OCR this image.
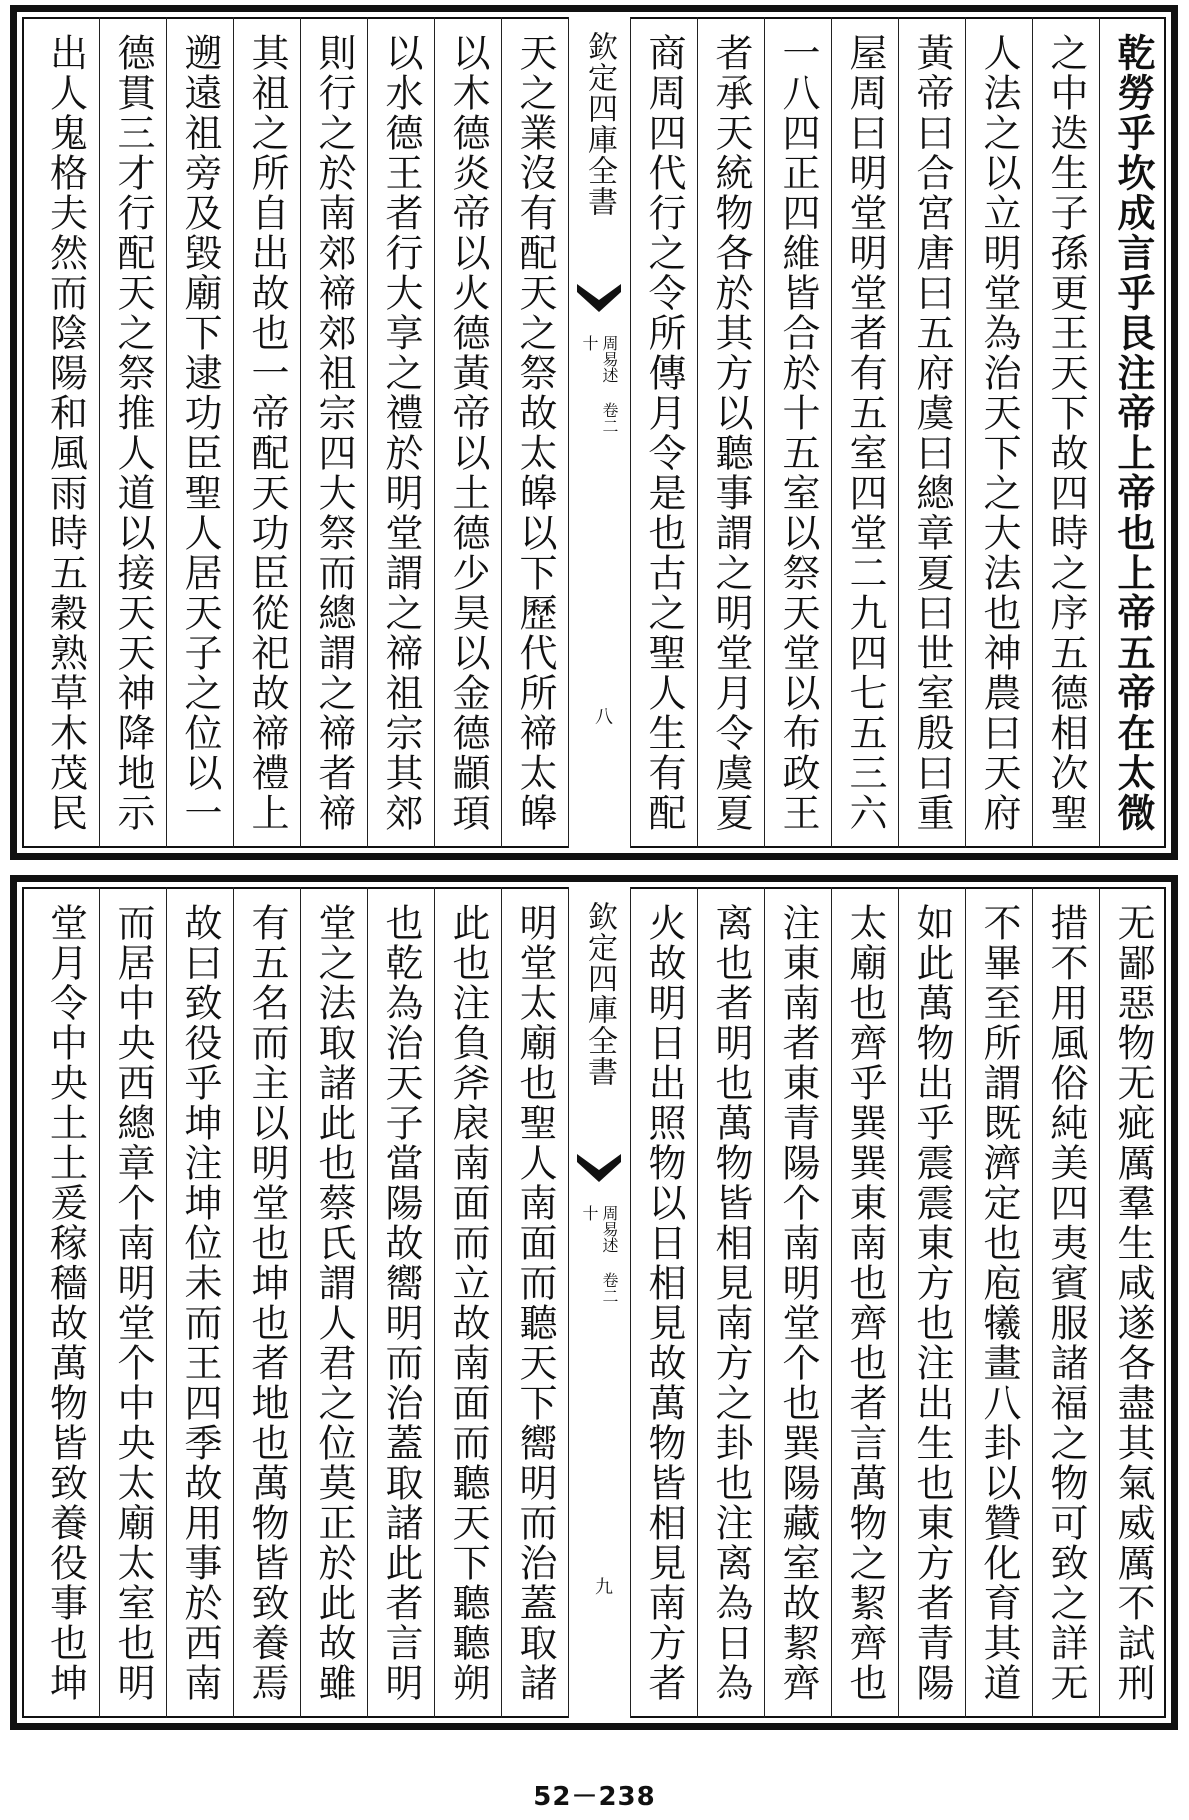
乾勞乎坎成言乎艮注帝上帝也上帝五帝在太微
之中迭生子孫更王天下故四時之序五德相次聖
人法之以立明堂為治天下之大法也神農曰天府
黃帝曰合宮唐曰五府虞曰總章夏曰世室殷曰重
屋周曰明堂明堂者有五室四堂二九四七五三六
一八四正四維皆合於十五室以祭天堂以布政王
者承天統物各於其方以聽事謂之明堂月令虞夏
商周四代行之令所傳月令是也古之聖人生有配
欽定四庫全書
周易述 卷二十
八
天之業沒有配天之祭故太皞以下歷代所禘太皞
以木德炎帝以火德黃帝以土德少昊以金德顓頊
以水德王者行大享之禮於明堂謂之禘祖宗其郊
則行之於南郊禘郊祖宗四大祭而總謂之禘者禘
其祖之所自出故也一帝配天功臣從祀故禘禮上
遡遠祖旁及毀廟下逮功臣聖人居天子之位以一
德貫三才行配天之祭推人道以接天天神降地示
出人鬼格夫然而陰陽和風雨時五穀熟草木茂民
无鄙惡物无疵厲羣生咸遂各盡其氣威厲不試刑
措不用風俗純美四夷賓服諸福之物可致之詳无
不畢至所謂既濟定也庖犧畫八卦以贊化育其道
如此萬物出乎震震東方也注出生也東方者青陽
太廟也齊乎巽巽東南也齊也者言萬物之絜齊也
注東南者東青陽个南明堂个也巽陽藏室故絜齊
离也者明也萬物皆相見南方之卦也注离為日為
火故明日出照物以日相見故萬物皆相見南方者
欽定四庫全書
周易述 卷二十
九
明堂太廟也聖人南面而聽天下嚮明而治蓋取諸
此也注負斧扆南面而立故南面而聽天下聽聽朔
也乾為治天子當陽故嚮明而治蓋取諸此者言明
堂之法取諸此也蔡氏謂人君之位莫正於此故雖
有五名而主以明堂也坤也者地也萬物皆致養焉
故曰致役乎坤注坤位未而王四季故用事於西南
而居中央西總章个南明堂个中央太廟太室也明
堂月令中央土土爰稼穡故萬物皆致養役事也坤
52－238
